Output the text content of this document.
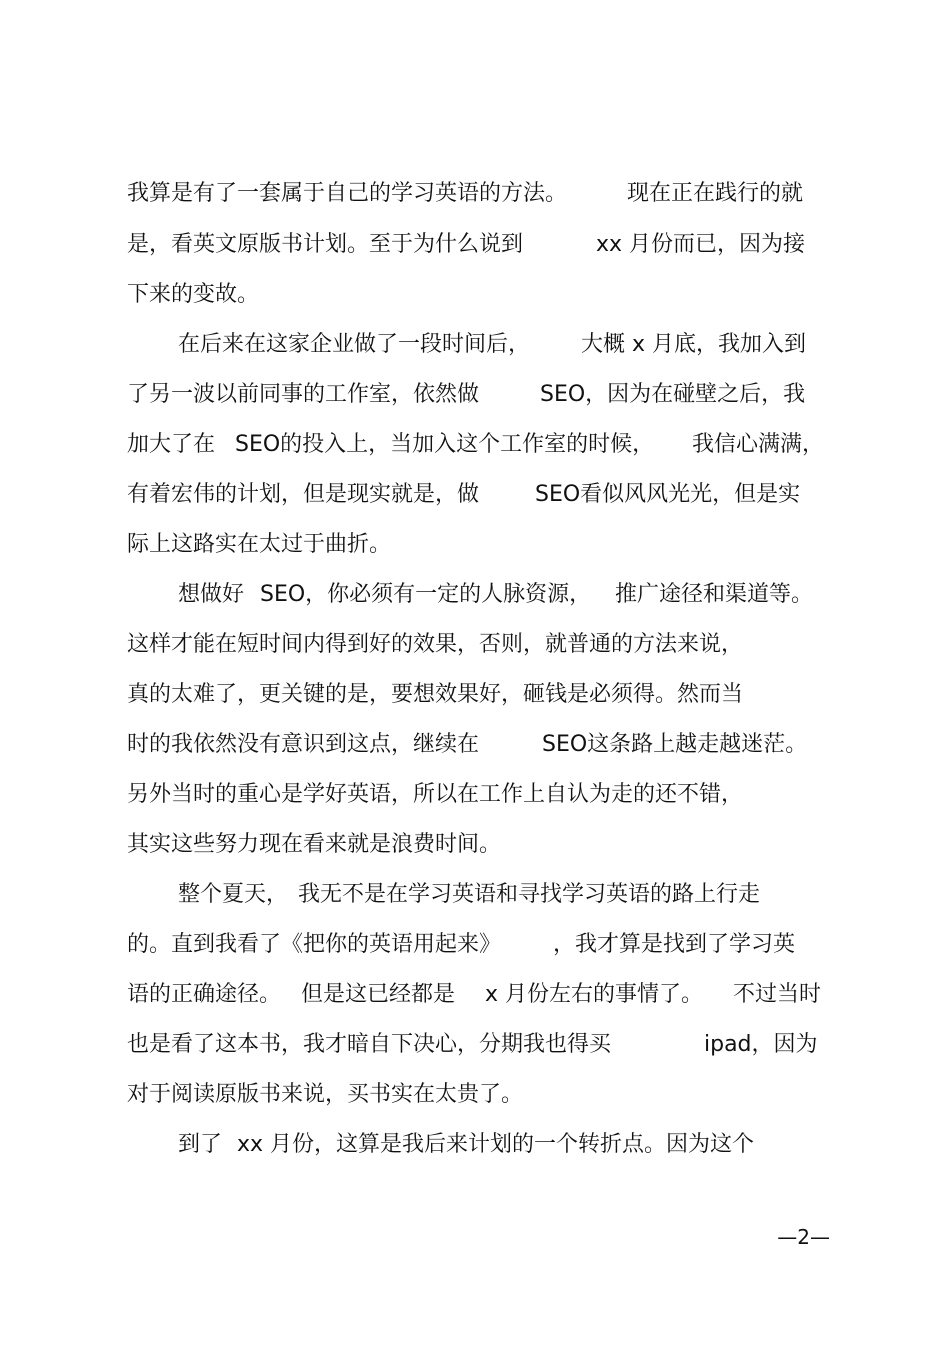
我算是有了一套属于自己的学习英语的方法。	现在正在践行的就
是，看英文原版书计划。至于为什么说到	xx 月份而已，因为接
下来的变故。
在后来在这家企业做了一段时间后， 大概 x 月底，我加入到
了另一波以前同事的工作室，依然做	SEO，因为在碰壁之后，我
加大了在 SEO的投入上，当加入这个工作室的时候， 我信心满满，
有着宏伟的计划，但是现实就是，做	SEO看似风风光光，但是实
际上这路实在太过于曲折。
想做好 SEO，你必须有一定的人脉资源， 推广途径和渠道等。
这样才能在短时间内得到好的效果，否则，就普通的方法来说，
真的太难了，更关键的是，要想效果好，砸钱是必须得。然而当
时的我依然没有意识到这点，继续在	SEO这条路上越走越迷茫。
另外当时的重心是学好英语，所以在工作上自认为走的还不错，
其实这些努力现在看来就是浪费时间。
整个夏天， 我无不是在学习英语和寻找学习英语的路上行走
的。直到我看了《把你的英语用起来》 ，我才算是找到了学习英
语的正确途径。 但是这已经都是 x 月份左右的事情了。 不过当时
也是看了这本书，我才暗自下决心，分期我也得买	ipad，因为
对于阅读原版书来说，买书实在太贵了。
到了 xx 月份，这算是我后来计划的一个转折点。因为这个
—2—
